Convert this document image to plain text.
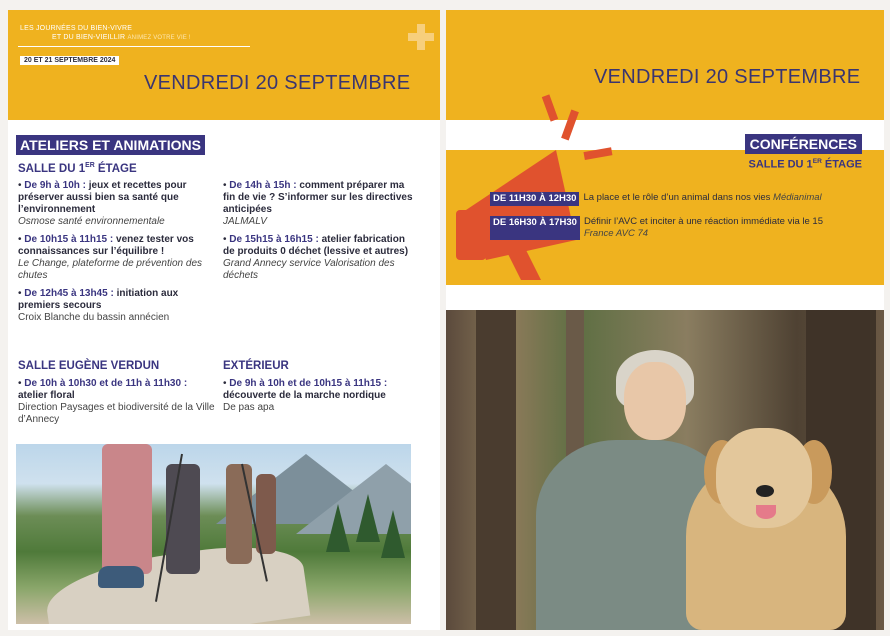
LES JOURNÉES DU BIEN-VIVRE
ET DU BIEN-VIEILLIR ANIMEZ VOTRE VIE !
20 ET 21 SEPTEMBRE 2024
VENDREDI 20 SEPTEMBRE
ATELIERS ET ANIMATIONS
SALLE DU 1ER ÉTAGE
• De 9h à 10h : jeux et recettes pour préserver aussi bien sa santé que l’environnement
Osmose santé environnementale
• De 10h15 à 11h15 : venez tester vos connaissances sur l’équilibre !
Le Change, plateforme de prévention des chutes
• De 12h45 à 13h45 : initiation aux premiers secours
Croix Blanche du bassin annécien
• De 14h à 15h : comment préparer ma fin de vie ? S’informer sur les directives anticipées
JALMALV
• De 15h15 à 16h15 : atelier fabrication de produits 0 déchet (lessive et autres)
Grand Annecy service Valorisation des déchets
SALLE EUGÈNE VERDUN
• De 10h à 10h30 et de 11h à 11h30 : atelier floral
Direction Paysages et biodiversité de la Ville d’Annecy
EXTÉRIEUR
• De 9h à 10h et de 10h15 à 11h15 : découverte de la marche nordique
De pas apa
VENDREDI 20 SEPTEMBRE
CONFÉRENCES
SALLE DU 1ER ÉTAGE
DE 11H30 À 12H30 La place et le rôle d’un animal dans nos vies Médianimal
DE 16H30 À 17H30 Définir l’AVC et inciter à une réaction immédiate via le 15
France AVC 74
